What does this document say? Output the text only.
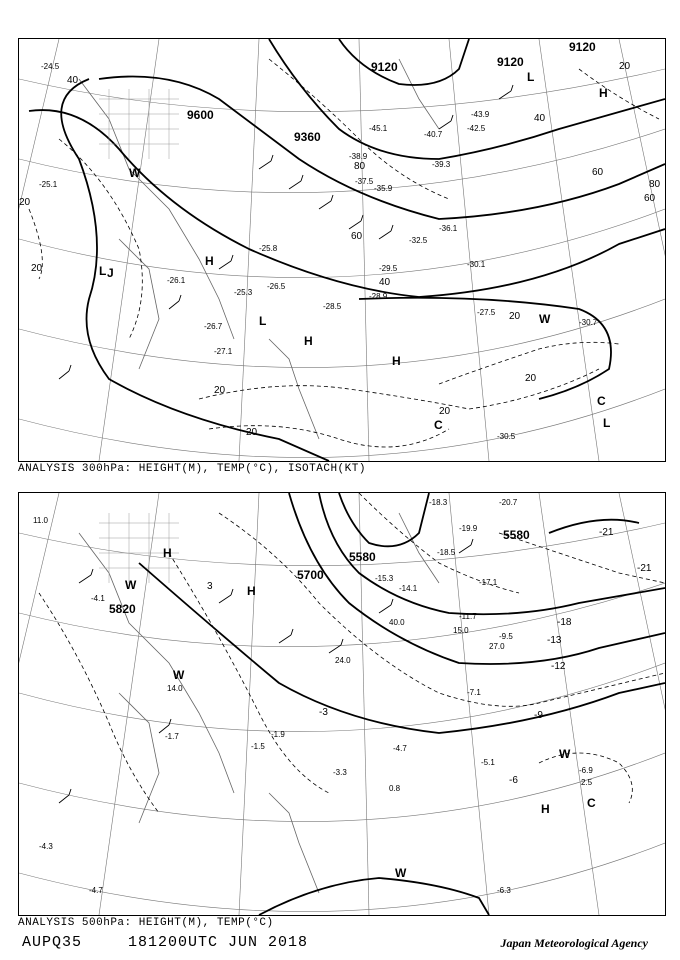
9600
9360
9120	9120
9120
H
H
H
H
L
L
L
L
20
20
20
20
20
20
20
20
40
40
40
60
60
60
80
80
W
W
C
C
J
-25.1
-24.5
-26.1
-26.7
-25.3
-25.8
-27.1
-26.5
-29.5
-32.5
-30.1
-28.9
-27.5
-30.7
-30.5
-36.1
-38.9
-40.7
-43.9
-45.1	-42.5
-39.3
-37.5
-35.9
-28.5
ANALYSIS 300hPa: HEIGHT(M), TEMP(°C), ISOTACH(KT)
5820
5700
5580
5580
H
H
H
W
W
W
W
C
-3
-6
-9
-12
-13
-18
-21
-21
3
-18.3	-20.7
-19.9
-18.5
-17.1
-15.3
-14.1
-11.7
-9.5
-7.1
-5.1
-3.3
-4.7
-6.9
-1.5
-1.9
-1.7
-4.1
-4.3
-4.7	-6.3
0.8
2.5
11.0
14.0
15.0
24.0
27.0
40.0
ANALYSIS 500hPa: HEIGHT(M), TEMP(°C)
AUPQ35	181200UTC JUN 2018	Japan Meteorological Agency
